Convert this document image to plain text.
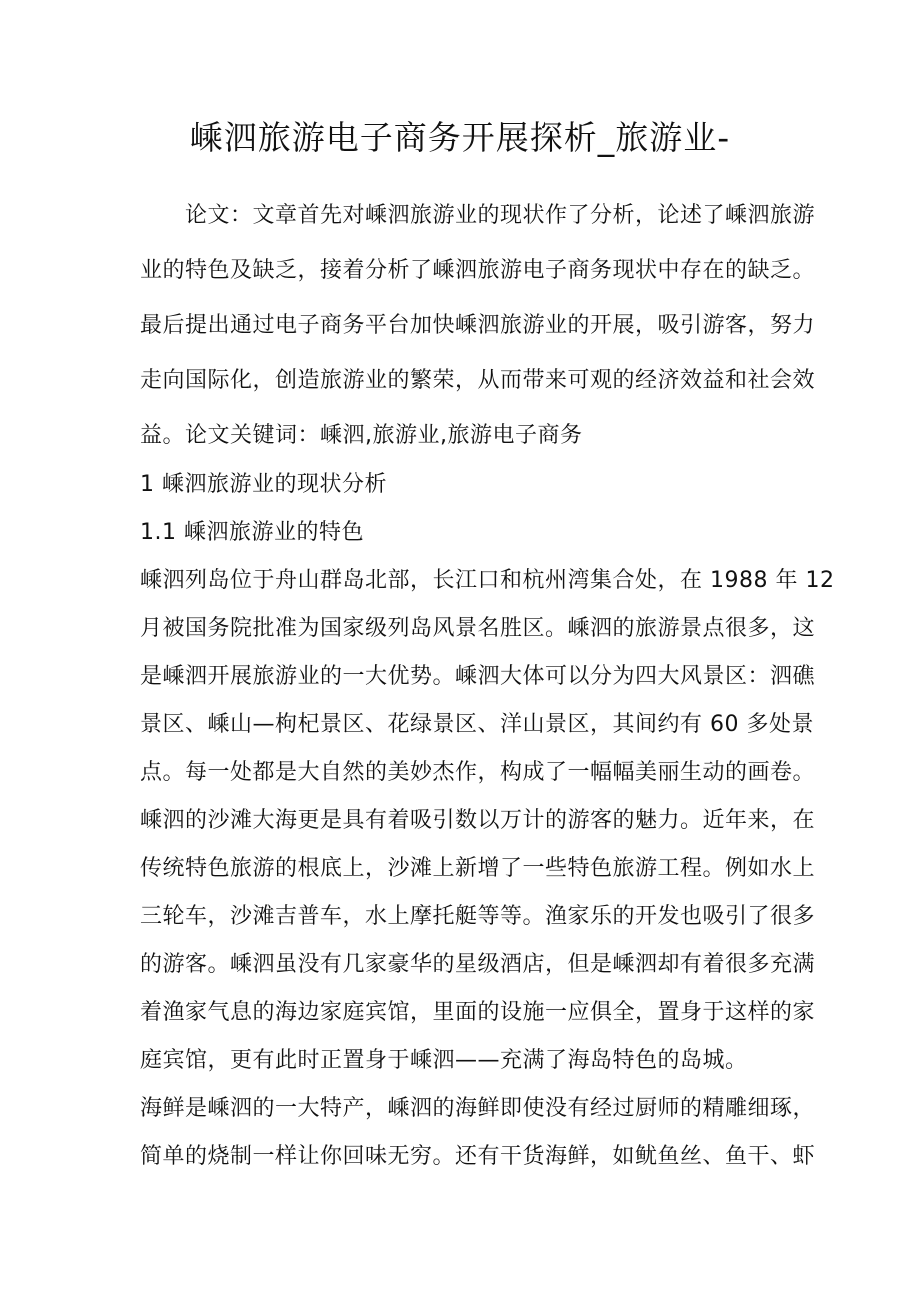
嵊泗旅游电子商务开展探析_旅游业-
论文：文章首先对嵊泗旅游业的现状作了分析，论述了嵊泗旅游
业的特色及缺乏，接着分析了嵊泗旅游电子商务现状中存在的缺乏。
最后提出通过电子商务平台加快嵊泗旅游业的开展，吸引游客，努力
走向国际化，创造旅游业的繁荣，从而带来可观的经济效益和社会效
益。论文关键词：嵊泗,旅游业,旅游电子商务
1 嵊泗旅游业的现状分析
1.1 嵊泗旅游业的特色
嵊泗列岛位于舟山群岛北部，长江口和杭州湾集合处，在 1988 年 12
月被国务院批准为国家级列岛风景名胜区。嵊泗的旅游景点很多，这
是嵊泗开展旅游业的一大优势。嵊泗大体可以分为四大风景区：泗礁
景区、嵊山—枸杞景区、花绿景区、洋山景区，其间约有 60 多处景
点。每一处都是大自然的美妙杰作，构成了一幅幅美丽生动的画卷。
嵊泗的沙滩大海更是具有着吸引数以万计的游客的魅力。近年来，在
传统特色旅游的根底上，沙滩上新增了一些特色旅游工程。例如水上
三轮车，沙滩吉普车，水上摩托艇等等。渔家乐的开发也吸引了很多
的游客。嵊泗虽没有几家豪华的星级酒店，但是嵊泗却有着很多充满
着渔家气息的海边家庭宾馆，里面的设施一应俱全，置身于这样的家
庭宾馆，更有此时正置身于嵊泗——充满了海岛特色的岛城。
海鲜是嵊泗的一大特产，嵊泗的海鲜即使没有经过厨师的精雕细琢，
简单的烧制一样让你回味无穷。还有干货海鲜，如鱿鱼丝、鱼干、虾
